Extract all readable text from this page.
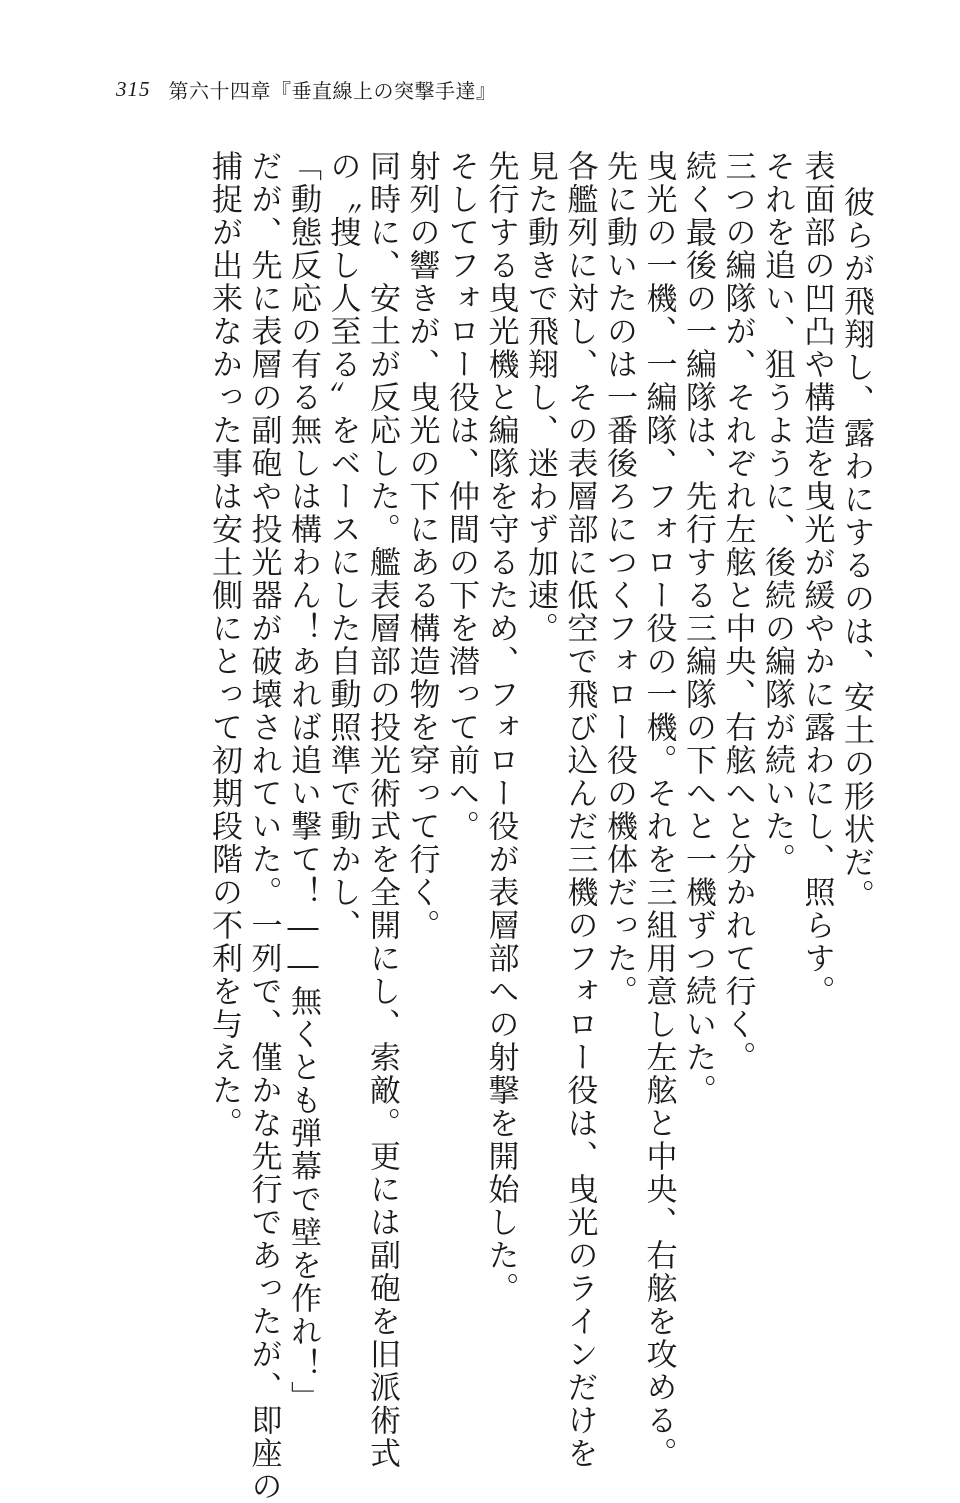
315 第六十四章『垂直線上の突撃手達』
彼らが飛翔し、露わにするのは、安土の形状だ。
表面部の凹凸や構造を曳光が緩やかに露わにし、照らす。
それを追い、狙うように、後続の編隊が続いた。
三つの編隊が、それぞれ左舷と中央、右舷へと分かれて行く。
続く最後の一編隊は、先行する三編隊の下へと一機ずつ続いた。
曳光の一機、一編隊、フォロー役の一機。それを三組用意し左舷と中央、右舷を攻める。
先に動いたのは一番後ろにつくフォロー役の機体だった。
各艦列に対し、その表層部に低空で飛び込んだ三機のフォロー役は、曳光のラインだけを
見た動きで飛翔し、迷わず加速。
先行する曳光機と編隊を守るため、フォロー役が表層部への射撃を開始した。
そしてフォロー役は、仲間の下を潜って前へ。
射列の響きが、曳光の下にある構造物を穿って行く。
同時に、安土が反応した。艦表層部の投光術式を全開にし、索敵。更には副砲を旧派術式
の〝捜し人至る〟をベースにした自動照準で動かし、
「動態反応の有る無しは構わん！あれば追い撃て！――無くとも弾幕で壁を作れ！」
だが、先に表層の副砲や投光器が破壊されていた。一列で、僅かな先行であったが、即座の
捕捉が出来なかった事は安土側にとって初期段階の不利を与えた。
